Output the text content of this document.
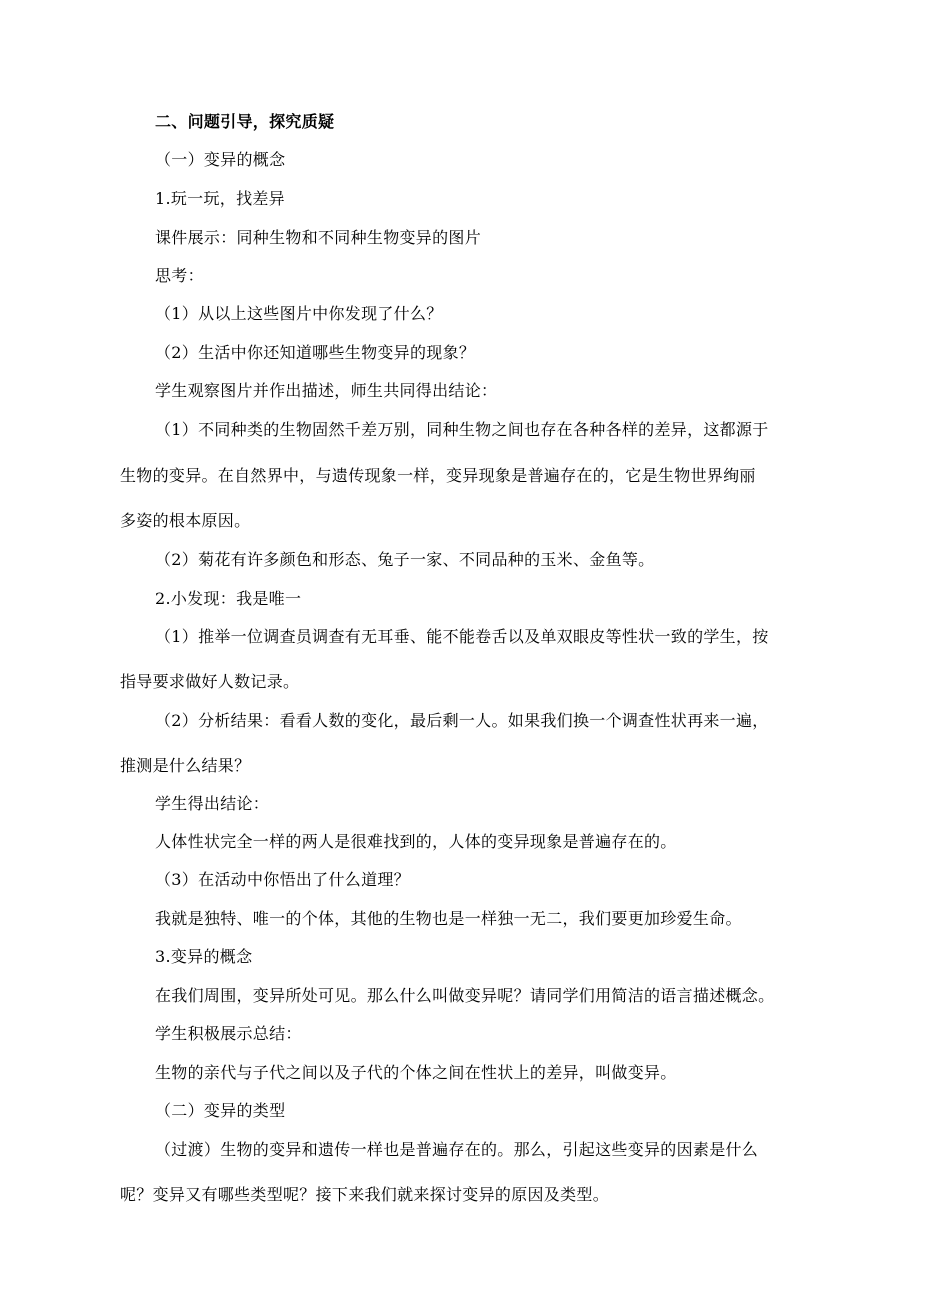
二、问题引导，探究质疑
（一）变异的概念
1.玩一玩，找差异
课件展示：同种生物和不同种生物变异的图片
思考：
（1）从以上这些图片中你发现了什么？
（2）生活中你还知道哪些生物变异的现象？
学生观察图片并作出描述，师生共同得出结论：
（1）不同种类的生物固然千差万别，同种生物之间也存在各种各样的差异，这都源于
生物的变异。在自然界中，与遗传现象一样，变异现象是普遍存在的，它是生物世界绚丽
多姿的根本原因。
（2）菊花有许多颜色和形态、兔子一家、不同品种的玉米、金鱼等。
2.小发现：我是唯一
（1）推举一位调查员调查有无耳垂、能不能卷舌以及单双眼皮等性状一致的学生，按
指导要求做好人数记录。
（2）分析结果：看看人数的变化，最后剩一人。如果我们换一个调查性状再来一遍，
推测是什么结果？
学生得出结论：
人体性状完全一样的两人是很难找到的，人体的变异现象是普遍存在的。
（3）在活动中你悟出了什么道理？
我就是独特、唯一的个体，其他的生物也是一样独一无二，我们要更加珍爱生命。
3.变异的概念
在我们周围，变异所处可见。那么什么叫做变异呢？请同学们用简洁的语言描述概念。
学生积极展示总结：
生物的亲代与子代之间以及子代的个体之间在性状上的差异，叫做变异。
（二）变异的类型
（过渡）生物的变异和遗传一样也是普遍存在的。那么，引起这些变异的因素是什么
呢？变异又有哪些类型呢？接下来我们就来探讨变异的原因及类型。
